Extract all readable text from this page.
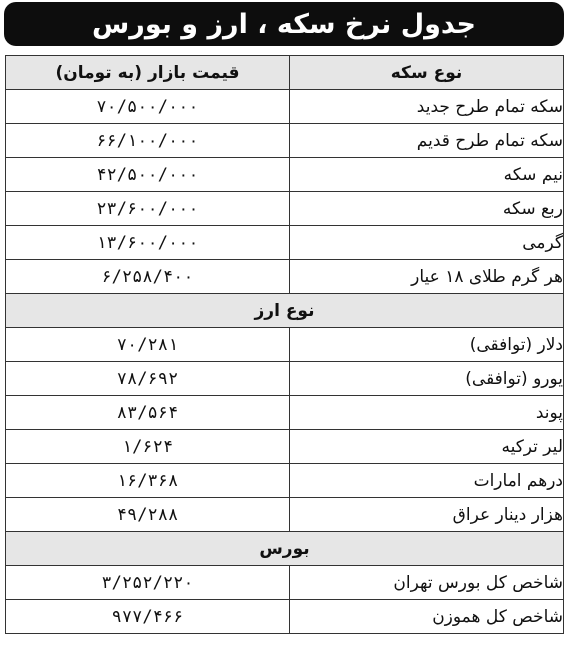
جدول نرخ سکه ، ارز و بورس
نوع سکه	قیمت بازار (به تومان)
سکه تمام طرح جدید	۷۰/۵۰۰/۰۰۰
سکه تمام طرح قدیم	۶۶/۱۰۰/۰۰۰
نیم سکه	۴۲/۵۰۰/۰۰۰
ربع سکه	۲۳/۶۰۰/۰۰۰
گرمی	۱۳/۶۰۰/۰۰۰
هر گرم طلای ۱۸ عیار	۶/۲۵۸/۴۰۰
نوع ارز	
دلار (توافقی)	۷۰/۲۸۱
یورو (توافقی)	۷۸/۶۹۲
پوند	۸۳/۵۶۴
لیر ترکیه	۱/۶۲۴
درهم امارات	۱۶/۳۶۸
هزار دینار عراق	۴۹/۲۸۸
بورس	
شاخص کل بورس تهران	۳/۲۵۲/۲۲۰
شاخص کل هموزن	۹۷۷/۴۶۶
